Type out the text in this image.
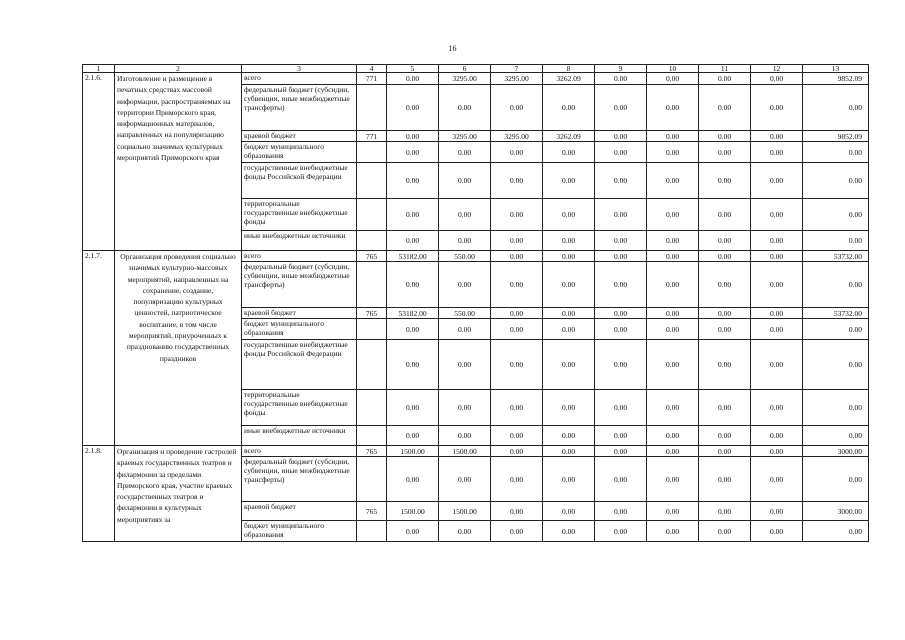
16
1	2	3	4	5	6	7	8	9	10	11	12	13
2.1.6.	Изготовление и размещение в печатных средствах массовой информации, распространяемых на территории Приморского края, информационных материалов, направленных на популяризацию социально значимых культурных мероприятий Приморского края	всего	771	0.00	3295.00	3295.00	3262.09	0.00	0.00	0.00	0.00	9852.09
		федеральный бюджет (субсидии, субвенции, иные межбюджетные трансферты)		0.00	0.00	0.00	0.00	0.00	0.00	0.00	0.00	0.00
		краевой бюджет	771	0.00	3295.00	3295.00	3262.09	0.00	0.00	0.00	0.00	9852.09
		бюджет муниципального образования		0.00	0.00	0.00	0.00	0.00	0.00	0.00	0.00	0.00
		государственные внебюджетные фонды Российской Федерации		0.00	0.00	0.00	0.00	0.00	0.00	0.00	0.00	0.00
		территориальные государственные внебюджетные фонды		0.00	0.00	0.00	0.00	0.00	0.00	0.00	0.00	0.00
		иные внебюджетные источники		0.00	0.00	0.00	0.00	0.00	0.00	0.00	0.00	0.00
2.1.7.	Организация проведения социально значимых культурно-массовых мероприятий, направленных на сохранение, создание, популяризацию культурных ценностей, патриотическое воспитание, в том числе мероприятий, приуроченных к празднованию государственных праздников	всего	765	53182.00	550.00	0.00	0.00	0.00	0.00	0.00	0.00	53732.00
		федеральный бюджет (субсидии, субвенции, иные межбюджетные трансферты)		0.00	0.00	0.00	0.00	0.00	0.00	0.00	0.00	0.00
		краевой бюджет	765	53182.00	550.00	0.00	0.00	0.00	0.00	0.00	0.00	53732.00
		бюджет муниципального образования		0.00	0.00	0.00	0.00	0.00	0.00	0.00	0.00	0.00
		государственные внебюджетные фонды Российской Федерации		0.00	0.00	0.00	0.00	0.00	0.00	0.00	0.00	0.00
		территориальные государственные внебюджетные фонды		0.00	0.00	0.00	0.00	0.00	0.00	0.00	0.00	0.00
		иные внебюджетные источники		0.00	0.00	0.00	0.00	0.00	0.00	0.00	0.00	0.00
2.1.8.	Организация и проведение гастролей краевых государственных театров и филармонии за пределами Приморского края, участие краевых государственных театров и филармонии в культурных мероприятиях за	всего	765	1500.00	1500.00	0.00	0.00	0.00	0.00	0.00	0.00	3000.00
		федеральный бюджет (субсидии, субвенции, иные межбюджетные трансферты)		0.00	0.00	0.00	0.00	0.00	0.00	0.00	0.00	0.00
		краевой бюджет	765	1500.00	1500.00	0.00	0.00	0.00	0.00	0.00	0.00	3000.00
		бюджет муниципального образования		0.00	0.00	0.00	0.00	0.00	0.00	0.00	0.00	0.00
